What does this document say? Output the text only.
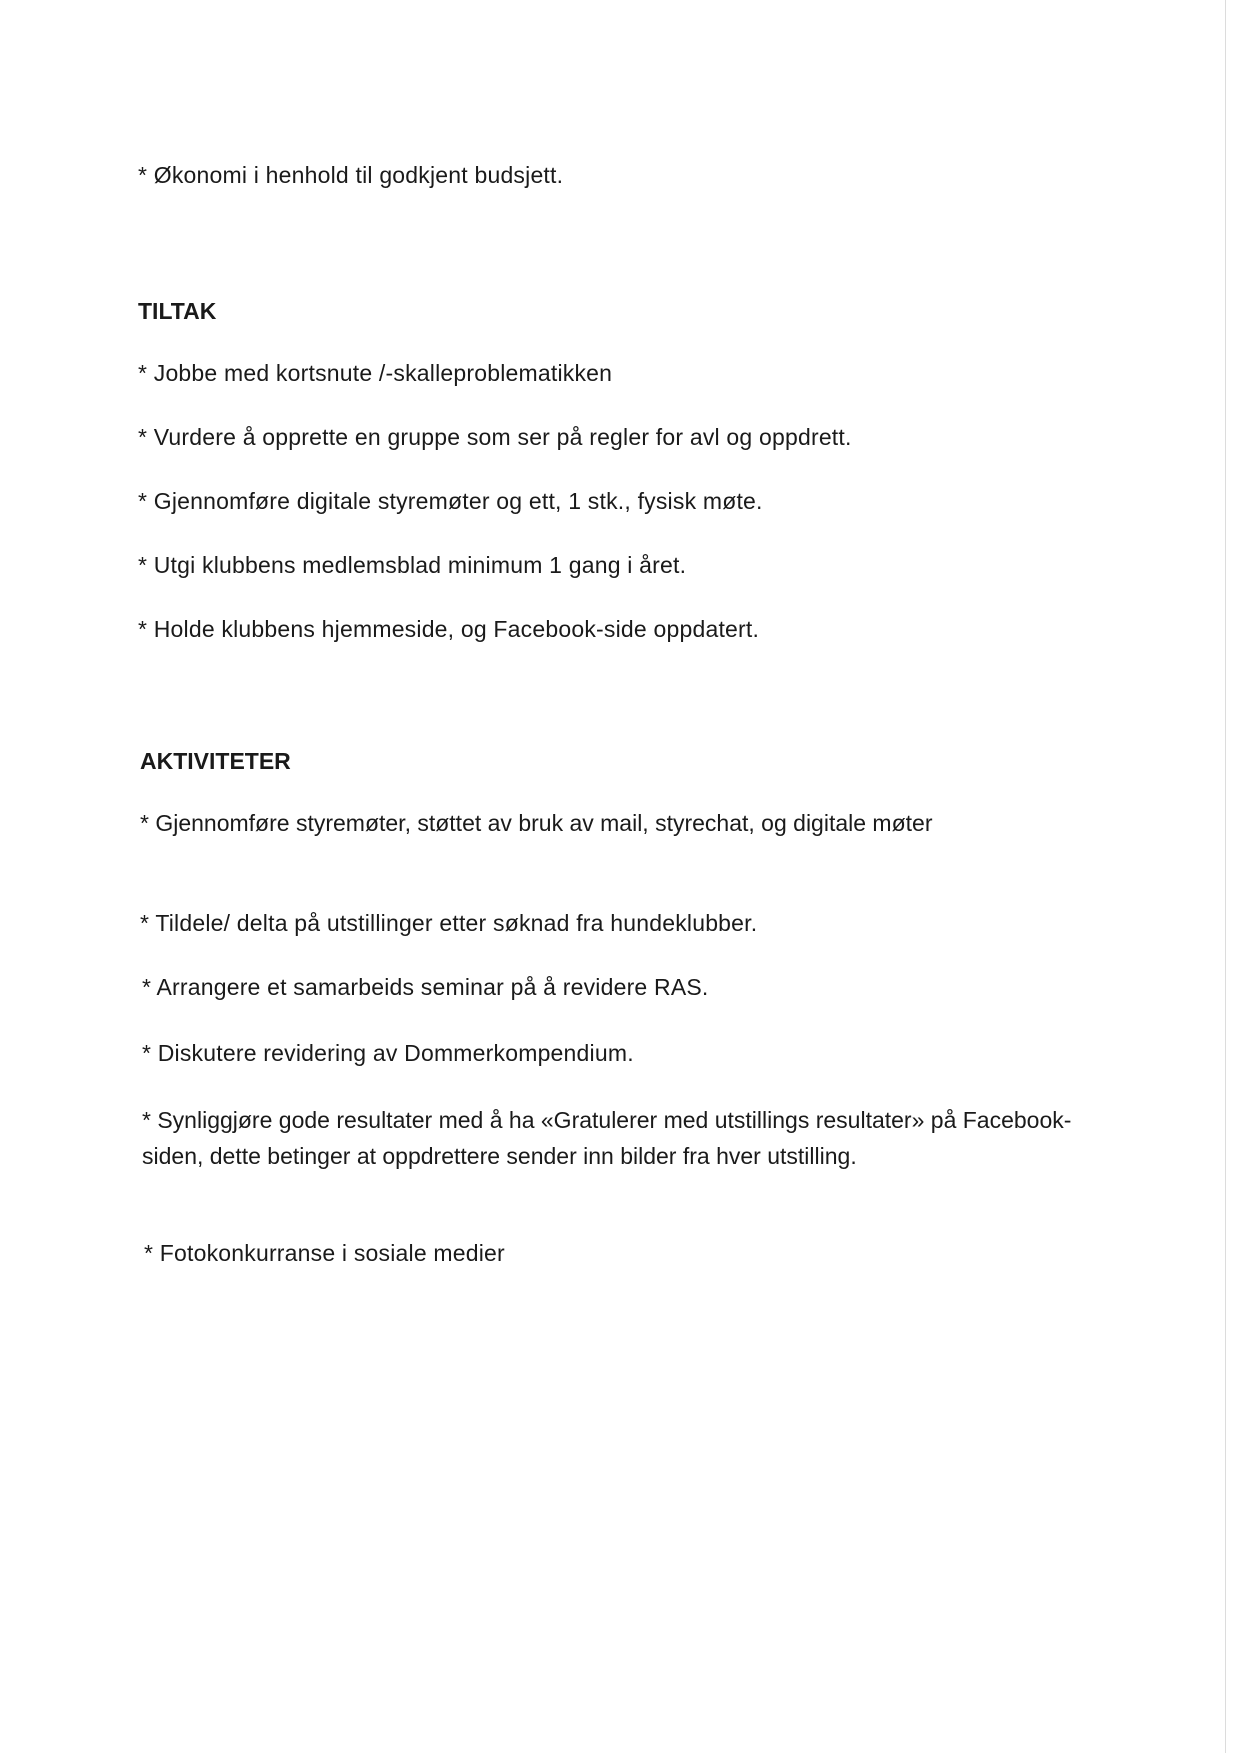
* Økonomi i henhold til godkjent budsjett.
TILTAK
* Jobbe med kortsnute /-skalleproblematikken
* Vurdere å opprette en gruppe som ser på regler for avl og oppdrett.
* Gjennomføre digitale styremøter og ett, 1 stk., fysisk møte.
* Utgi klubbens medlemsblad minimum 1 gang i året.
* Holde klubbens hjemmeside, og Facebook-side oppdatert.
AKTIVITETER
* Gjennomføre styremøter, støttet av bruk av mail, styrechat, og digitale møter
* Tildele/ delta på utstillinger etter søknad fra hundeklubber.
* Arrangere et samarbeids seminar på å revidere RAS.
* Diskutere revidering av Dommerkompendium.
* Synliggjøre gode resultater med å ha «Gratulerer med utstillings resultater» på Facebook-siden, dette betinger at oppdrettere sender inn bilder fra hver utstilling.
* Fotokonkurranse i sosiale medier
